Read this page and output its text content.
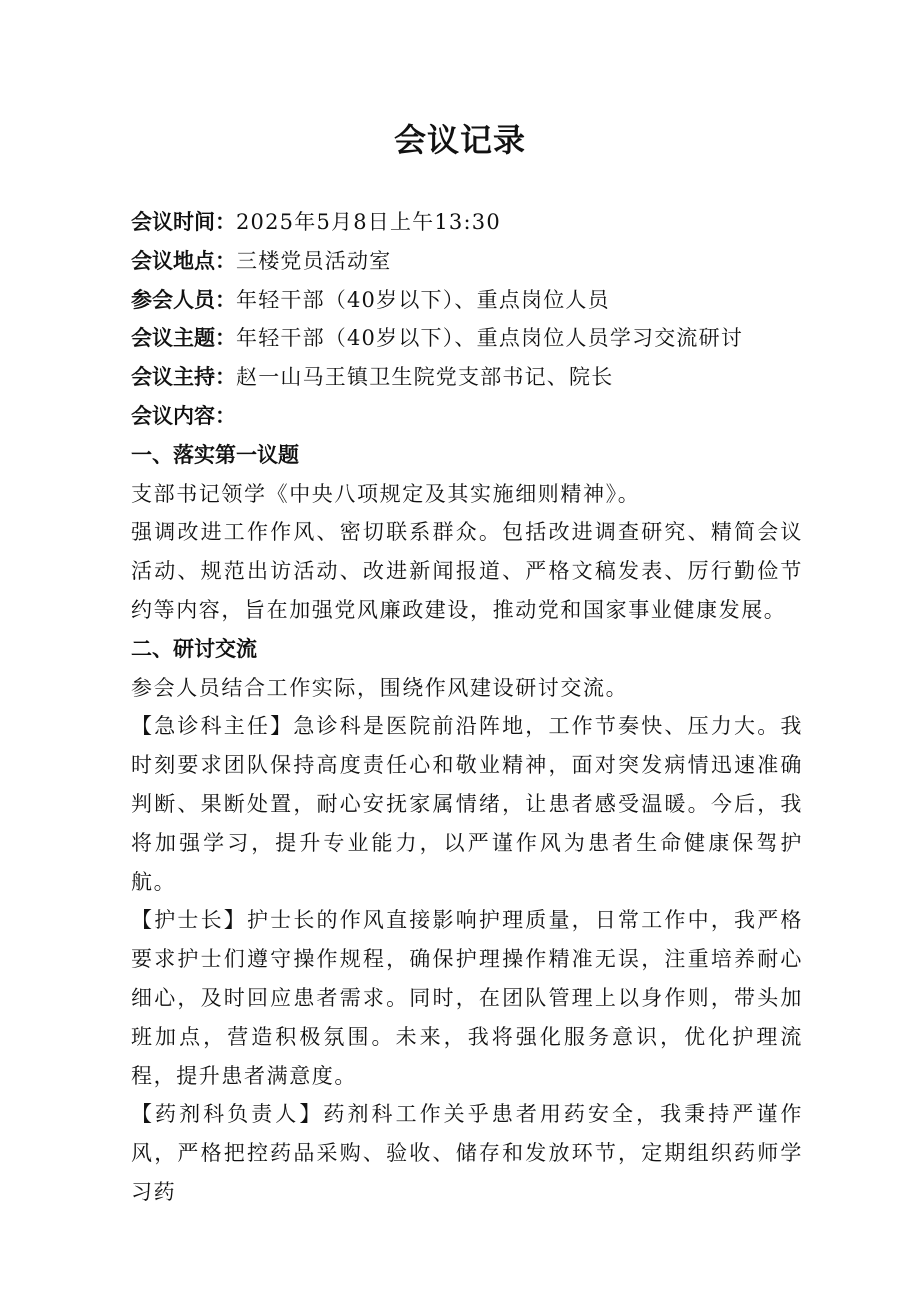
会议记录
会议时间：2025年5月8日上午13:30
会议地点：三楼党员活动室
参会人员：年轻干部（40岁以下）、重点岗位人员
会议主题：年轻干部（40岁以下）、重点岗位人员学习交流研讨
会议主持：赵一山马王镇卫生院党支部书记、院长
会议内容：
一、落实第一议题

支部书记领学《中央八项规定及其实施细则精神》。

强调改进工作作风、密切联系群众。包括改进调查研究、精简会议活动、规范出访活动、改进新闻报道、严格文稿发表、厉行勤俭节约等内容，旨在加强党风廉政建设，推动党和国家事业健康发展。

二、研讨交流

参会人员结合工作实际，围绕作风建设研讨交流。

【急诊科主任】急诊科是医院前沿阵地，工作节奏快、压力大。我时刻要求团队保持高度责任心和敬业精神，面对突发病情迅速准确判断、果断处置，耐心安抚家属情绪，让患者感受温暖。今后，我将加强学习，提升专业能力，以严谨作风为患者生命健康保驾护航。

【护士长】护士长的作风直接影响护理质量，日常工作中，我严格要求护士们遵守操作规程，确保护理操作精准无误，注重培养耐心细心，及时回应患者需求。同时，在团队管理上以身作则，带头加班加点，营造积极氛围。未来，我将强化服务意识，优化护理流程，提升患者满意度。

【药剂科负责人】药剂科工作关乎患者用药安全，我秉持严谨作风，严格把控药品采购、验收、储存和发放环节，定期组织药师学习药
